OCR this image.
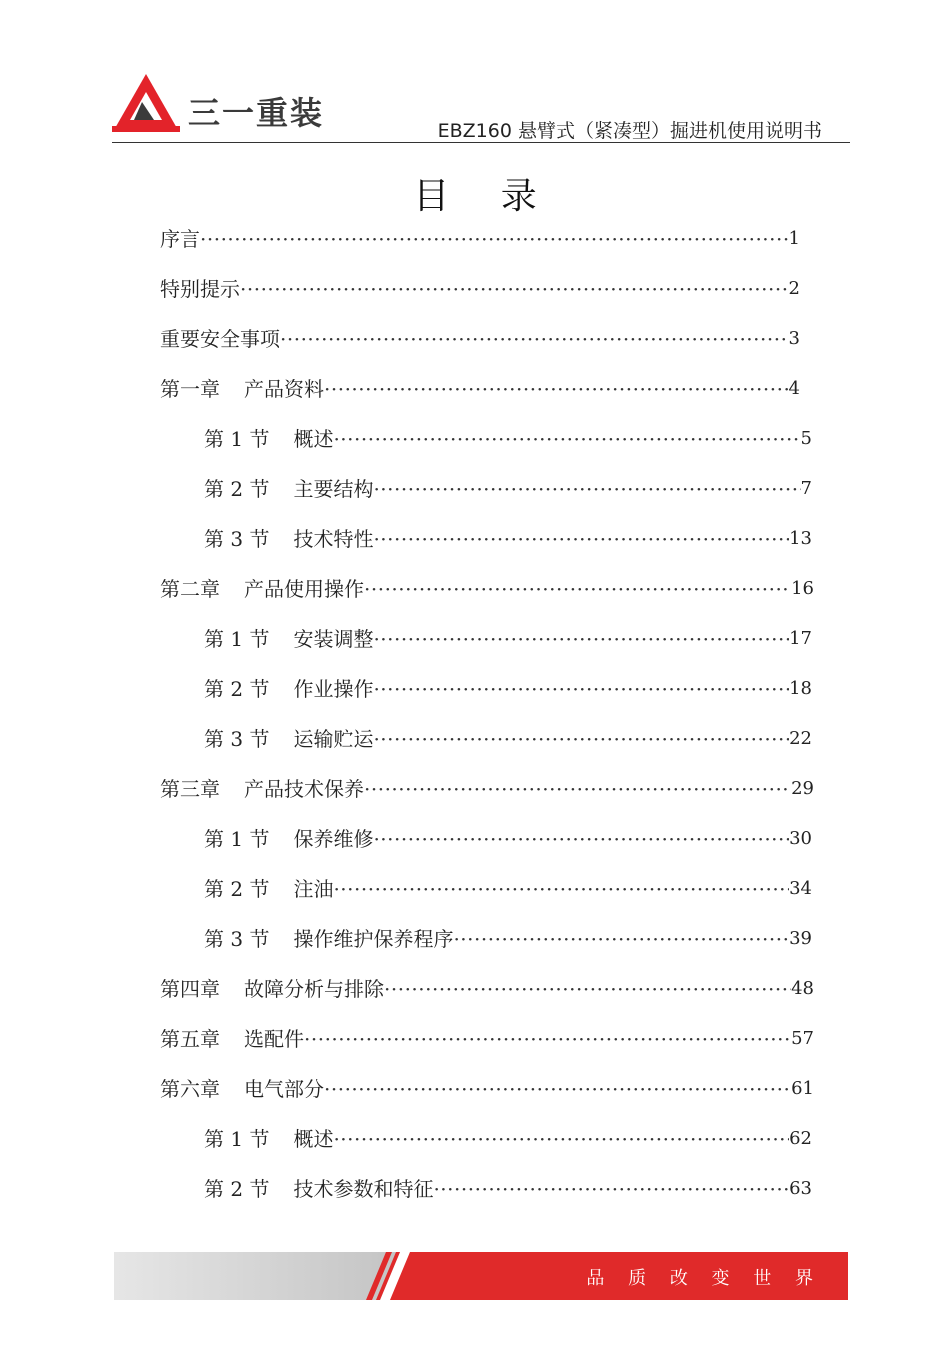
三一重装	EBZ160 悬臂式（紧凑型）掘进机使用说明书
目 录
序言 ·····	1
特别提示 ·····	2
重要安全事项 ·····	3
第一章 产品资料 ·····	4
第 1 节 概述 ·····	5
第 2 节 主要结构 ·····	7
第 3 节 技术特性 ·····	13
第二章 产品使用操作 ·····	16
第 1 节 安装调整 ·····	17
第 2 节 作业操作 ·····	18
第 3 节 运输贮运 ·····	22
第三章 产品技术保养 ·····	29
第 1 节 保养维修 ·····	30
第 2 节 注油 ·····	34
第 3 节 操作维护保养程序 ·····	39
第四章 故障分析与排除 ·····	48
第五章 选配件 ·····	57
第六章 电气部分 ·····	61
第 1 节 概述 ·····	62
第 2 节 技术参数和特征 ·····	63
品 质 改 变 世 界
